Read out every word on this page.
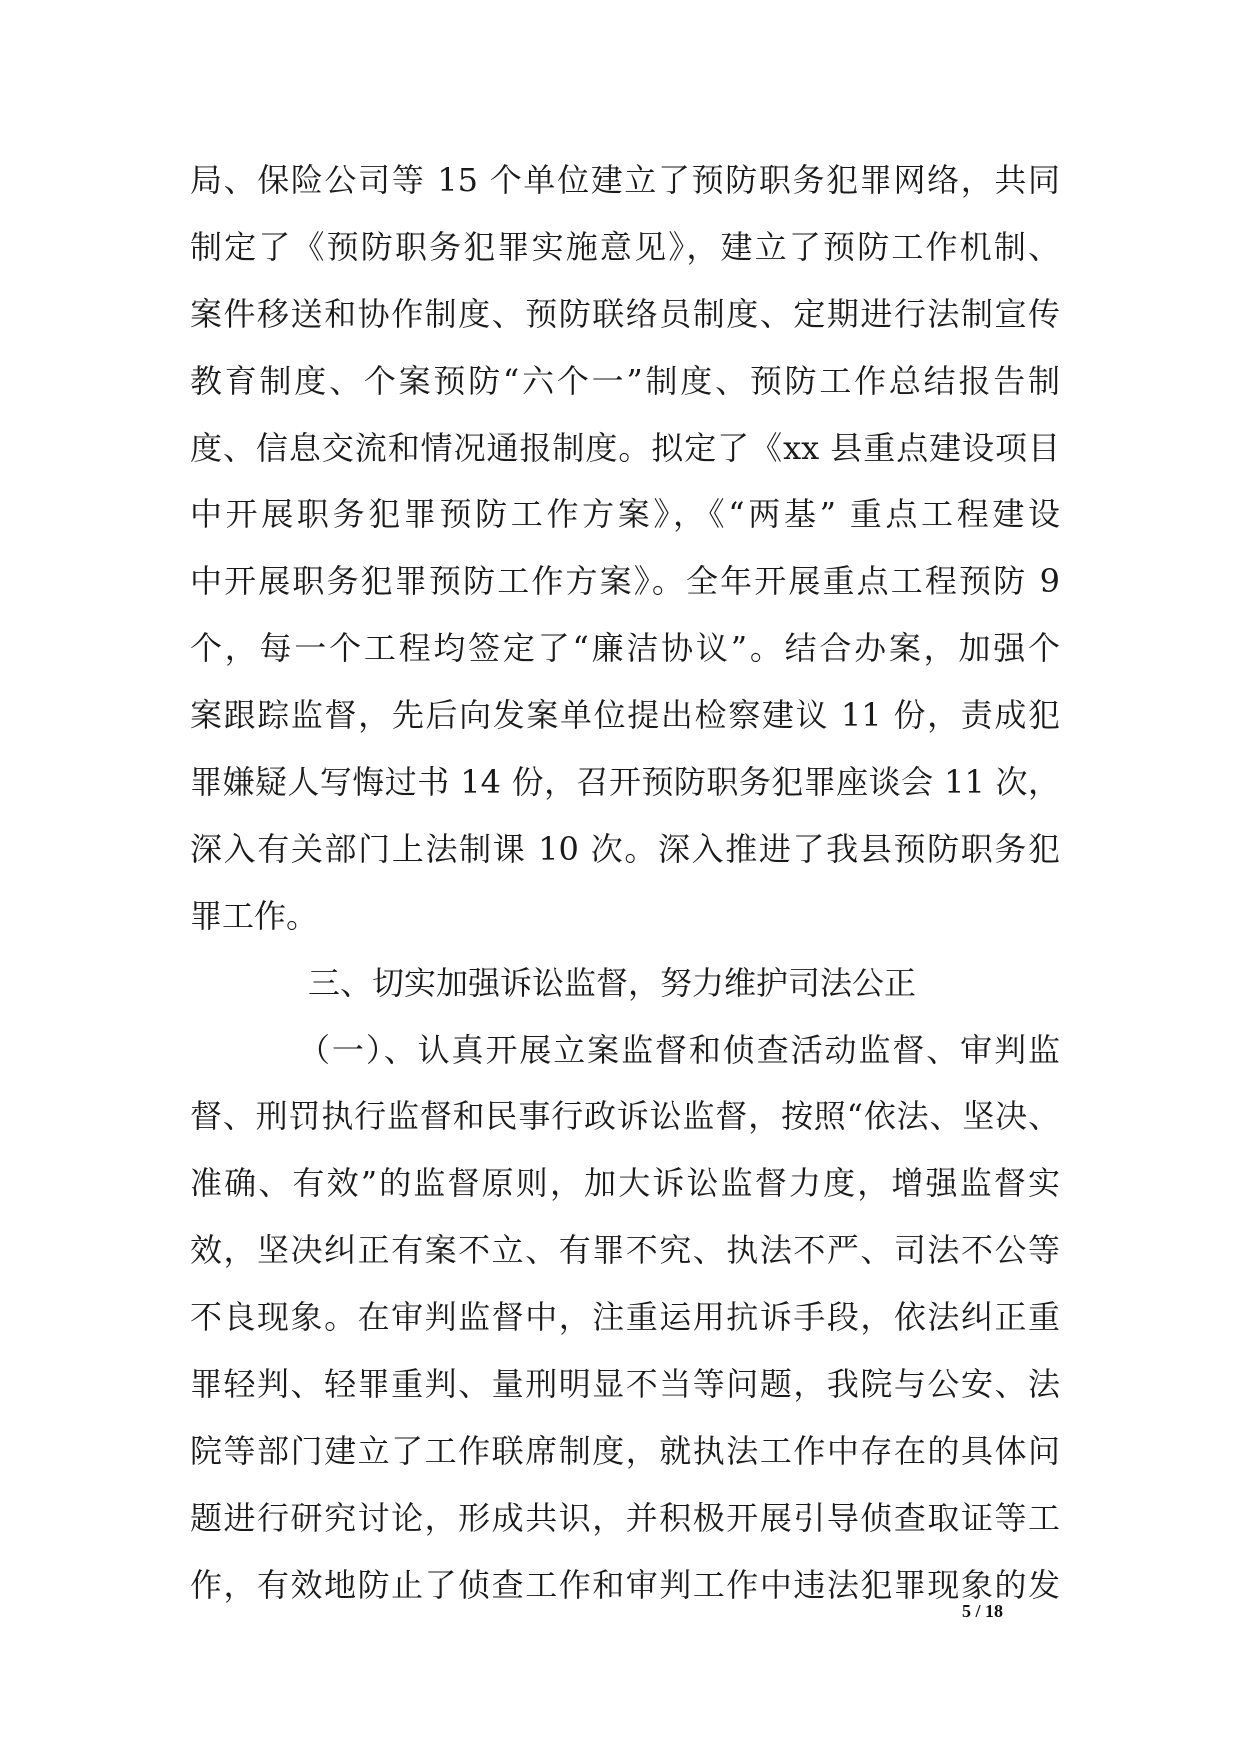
局、保险公司等 15 个单位建立了预防职务犯罪网络，共同
制定了《预防职务犯罪实施意见》，建立了预防工作机制、
案件移送和协作制度、预防联络员制度、定期进行法制宣传
教育制度、个案预防“六个一”制度、预防工作总结报告制
度、信息交流和情况通报制度。拟定了《xx 县重点建设项目
中开展职务犯罪预防工作方案》，《“两基” 重点工程建设
中开展职务犯罪预防工作方案》。全年开展重点工程预防 9
个，每一个工程均签定了“廉洁协议”。结合办案，加强个
案跟踪监督，先后向发案单位提出检察建议 11 份，责成犯
罪嫌疑人写悔过书 14 份，召开预防职务犯罪座谈会 11 次，
深入有关部门上法制课 10 次。深入推进了我县预防职务犯
罪工作。
三、切实加强诉讼监督，努力维护司法公正
（一）、认真开展立案监督和侦查活动监督、审判监
督、刑罚执行监督和民事行政诉讼监督，按照“依法、坚决、
准确、有效”的监督原则，加大诉讼监督力度，增强监督实
效，坚决纠正有案不立、有罪不究、执法不严、司法不公等
不良现象。在审判监督中，注重运用抗诉手段，依法纠正重
罪轻判、轻罪重判、量刑明显不当等问题，我院与公安、法
院等部门建立了工作联席制度，就执法工作中存在的具体问
题进行研究讨论，形成共识，并积极开展引导侦查取证等工
作，有效地防止了侦查工作和审判工作中违法犯罪现象的发
5 / 18
